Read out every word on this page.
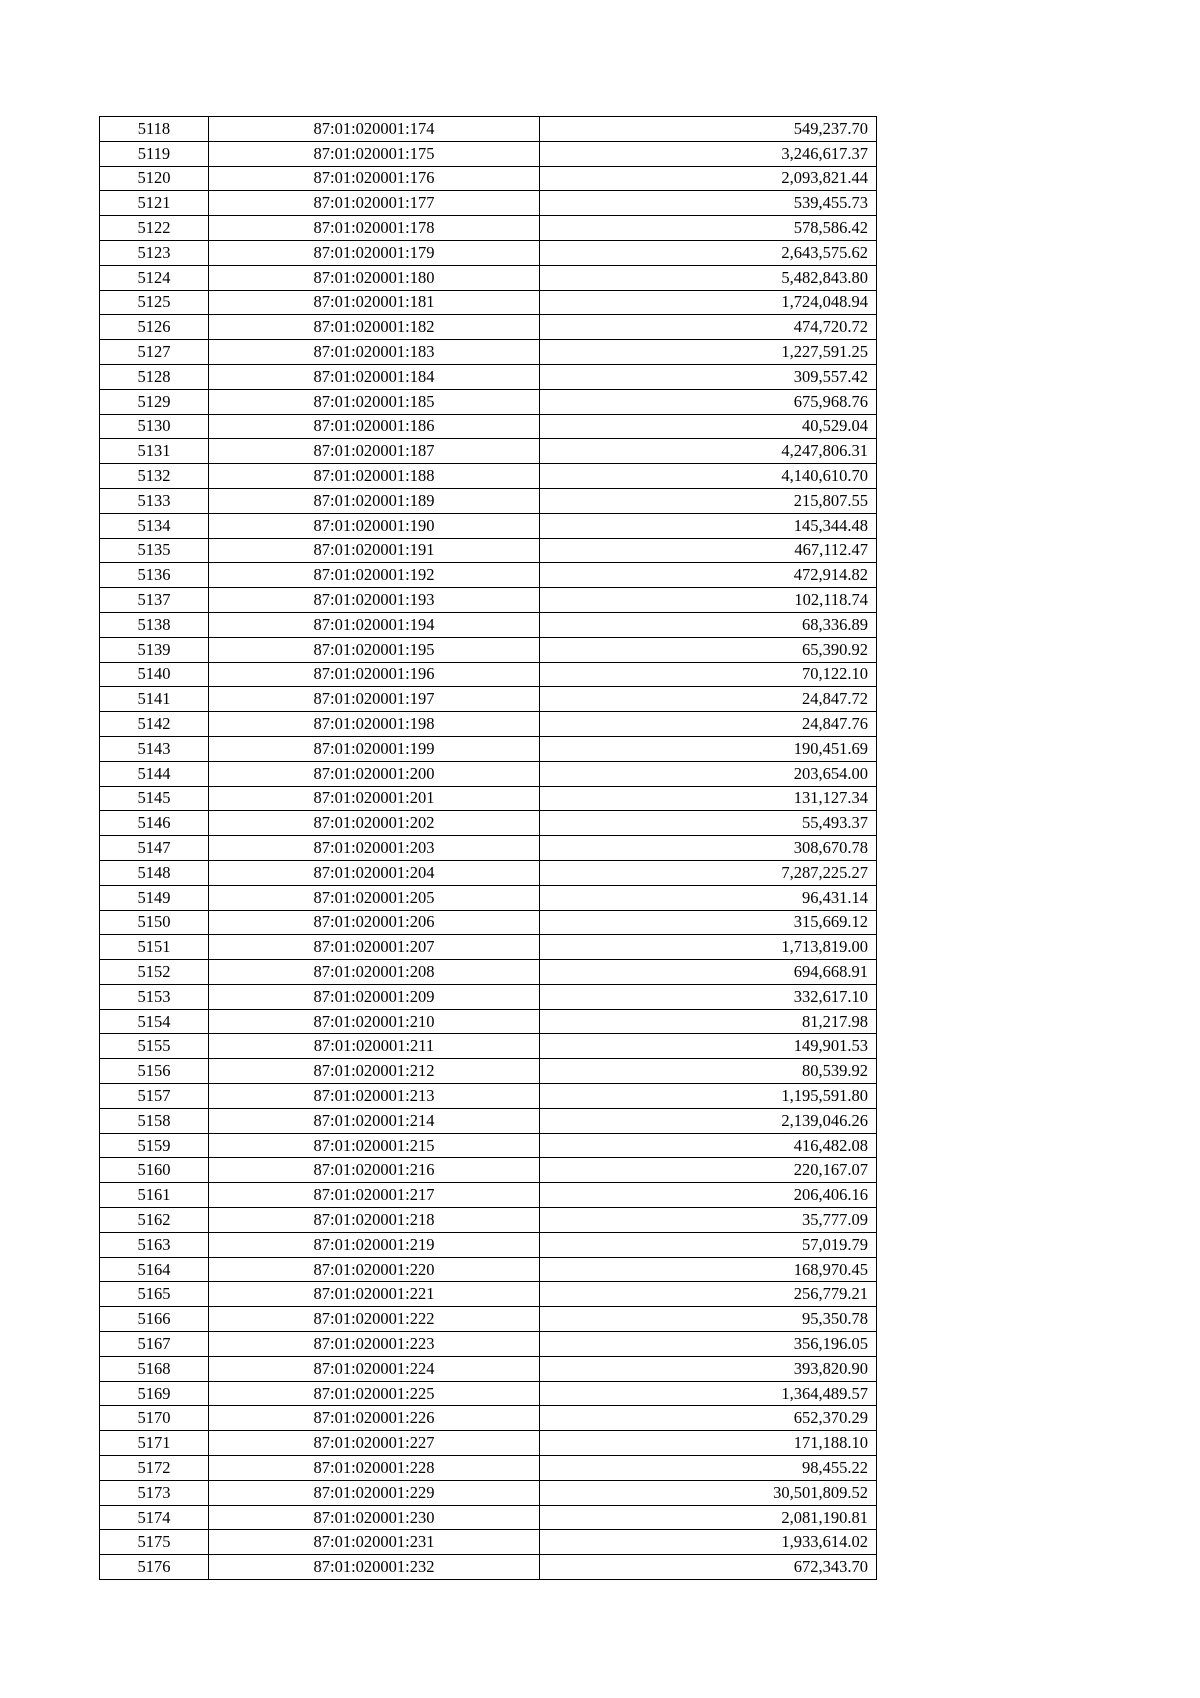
5118	87:01:020001:174	549,237.70
5119	87:01:020001:175	3,246,617.37
5120	87:01:020001:176	2,093,821.44
5121	87:01:020001:177	539,455.73
5122	87:01:020001:178	578,586.42
5123	87:01:020001:179	2,643,575.62
5124	87:01:020001:180	5,482,843.80
5125	87:01:020001:181	1,724,048.94
5126	87:01:020001:182	474,720.72
5127	87:01:020001:183	1,227,591.25
5128	87:01:020001:184	309,557.42
5129	87:01:020001:185	675,968.76
5130	87:01:020001:186	40,529.04
5131	87:01:020001:187	4,247,806.31
5132	87:01:020001:188	4,140,610.70
5133	87:01:020001:189	215,807.55
5134	87:01:020001:190	145,344.48
5135	87:01:020001:191	467,112.47
5136	87:01:020001:192	472,914.82
5137	87:01:020001:193	102,118.74
5138	87:01:020001:194	68,336.89
5139	87:01:020001:195	65,390.92
5140	87:01:020001:196	70,122.10
5141	87:01:020001:197	24,847.72
5142	87:01:020001:198	24,847.76
5143	87:01:020001:199	190,451.69
5144	87:01:020001:200	203,654.00
5145	87:01:020001:201	131,127.34
5146	87:01:020001:202	55,493.37
5147	87:01:020001:203	308,670.78
5148	87:01:020001:204	7,287,225.27
5149	87:01:020001:205	96,431.14
5150	87:01:020001:206	315,669.12
5151	87:01:020001:207	1,713,819.00
5152	87:01:020001:208	694,668.91
5153	87:01:020001:209	332,617.10
5154	87:01:020001:210	81,217.98
5155	87:01:020001:211	149,901.53
5156	87:01:020001:212	80,539.92
5157	87:01:020001:213	1,195,591.80
5158	87:01:020001:214	2,139,046.26
5159	87:01:020001:215	416,482.08
5160	87:01:020001:216	220,167.07
5161	87:01:020001:217	206,406.16
5162	87:01:020001:218	35,777.09
5163	87:01:020001:219	57,019.79
5164	87:01:020001:220	168,970.45
5165	87:01:020001:221	256,779.21
5166	87:01:020001:222	95,350.78
5167	87:01:020001:223	356,196.05
5168	87:01:020001:224	393,820.90
5169	87:01:020001:225	1,364,489.57
5170	87:01:020001:226	652,370.29
5171	87:01:020001:227	171,188.10
5172	87:01:020001:228	98,455.22
5173	87:01:020001:229	30,501,809.52
5174	87:01:020001:230	2,081,190.81
5175	87:01:020001:231	1,933,614.02
5176	87:01:020001:232	672,343.70
